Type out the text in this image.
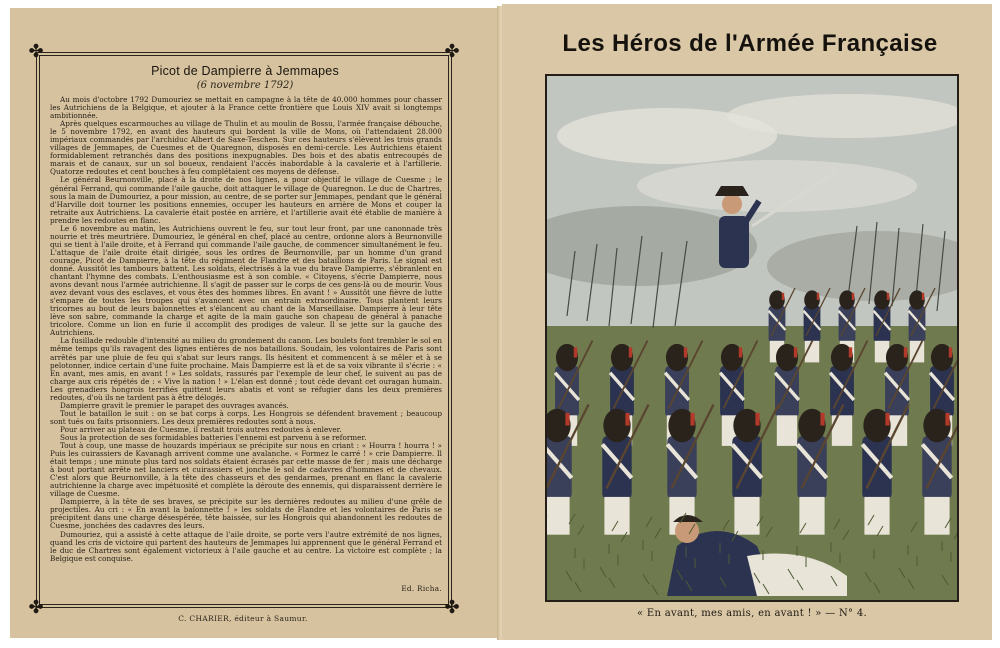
✤	✤
✤	✤
Picot de Dampierre à Jemmapes
(6 novembre 1792)

Au mois d'octobre 1792 Dumouriez se mettait en campagne à la tête de 40.000 hommes pour chasser les Autrichiens de la Belgique, et ajouter à la France cette frontière que Louis XIV avait si longtemps ambitionnée.

Après quelques escarmouches au village de Thulin et au moulin de Bossu, l'armée française débouche, le 5 novembre 1792, en avant des hauteurs qui bordent la ville de Mons, où l'attendaient 28.000 impériaux commandés par l'archiduc Albert de Saxe-Teschen. Sur ces hauteurs s'élèvent les trois grands villages de Jemmapes, de Cuesmes et de Quaregnon, disposés en demi-cercle. Les Autrichiens étaient formidablement retranchés dans des positions inexpugnables. Des bois et des abatis entrecoupés de marais et de canaux, sur un sol boueux, rendaient l'accès inabordable à la cavalerie et à l'artillerie. Quatorze redoutes et cent bouches à feu complétaient ces moyens de défense.

Le général Beurnonville, placé à la droite de nos lignes, a pour objectif le village de Cuesme ; le général Ferrand, qui commande l'aile gauche, doit attaquer le village de Quaregnon. Le duc de Chartres, sous la main de Dumouriez, a pour mission, au centre, de se porter sur Jemmapes, pendant que le général d'Harville doit tourner les positions ennemies, occuper les hauteurs en arrière de Mons et couper la retraite aux Autrichiens. La cavalerie était postée en arrière, et l'artillerie avait été établie de manière à prendre les redoutes en flanc.

Le 6 novembre au matin, les Autrichiens ouvrent le feu, sur tout leur front, par une canonnade très nourrie et très meurtrière. Dumouriez, le général en chef, placé au centre, ordonne alors à Beurnonville qui se tient à l'aile droite, et à Ferrand qui commande l'aile gauche, de commencer simultanément le feu. L'attaque de l'aile droite était dirigée, sous les ordres de Beurnonville, par un homme d'un grand courage, Picot de Dampierre, à la tête du régiment de Flandre et des bataillons de Paris. Le signal est donné. Aussitôt les tambours battent. Les soldats, électrisés à la vue du brave Dampierre, s'ébranlent en chantant l'hymne des combats. L'enthousiasme est à son comble. « Citoyens, s'écrie Dampierre, nous avons devant nous l'armée autrichienne. Il s'agit de passer sur le corps de ces gens-là ou de mourir. Vous avez devant vous des esclaves, et vous êtes des hommes libres. En avant ! » Aussitôt une fièvre de lutte s'empare de toutes les troupes qui s'avancent avec un entrain extraordinaire. Tous plantent leurs tricornes au bout de leurs baïonnettes et s'élancent au chant de la Marseillaise. Dampierre à leur tête lève son sabre, commande la charge et agite de la main gauche son chapeau de général à panache tricolore. Comme un lion en furie il accomplit des prodiges de valeur. Il se jette sur la gauche des Autrichiens.

La fusillade redouble d'intensité au milieu du grondement du canon. Les boulets font trembler le sol en même temps qu'ils ravagent des lignes entières de nos bataillons. Soudain, les volontaires de Paris sont arrêtés par une pluie de feu qui s'abat sur leurs rangs. Ils hésitent et commencent à se mêler et à se pelotonner, indice certain d'une fuite prochaine. Mais Dampierre est là et de sa voix vibrante il s'écrie : « En avant, mes amis, en avant ! » Les soldats, rassurés par l'exemple de leur chef, le suivent au pas de charge aux cris répétés de : « Vive la nation ! » L'élan est donné ; tout cède devant cet ouragan humain. Les grenadiers hongrois terrifiés quittent leurs abatis et vont se réfugier dans les deux premières redoutes, d'où ils ne tardent pas à être délogés.

Dampierre gravit le premier le parapet des ouvrages avancés.

Tout le bataillon le suit : on se bat corps à corps. Les Hongrois se défendent bravement ; beaucoup sont tués ou faits prisonniers. Les deux premières redoutes sont à nous.

Pour arriver au plateau de Cuesme, il restait trois autres redoutes à enlever.

Sous la protection de ses formidables batteries l'ennemi est parvenu à se reformer.

Tout à coup, une masse de houzards impériaux se précipite sur nous en criant : « Hourra ! hourra ! » Puis les cuirassiers de Kavanagh arrivent comme une avalanche. « Formez le carré ! » crie Dampierre. Il était temps ; une minute plus tard nos soldats étaient écrasés par cette masse de fer ; mais une décharge à bout portant arrête net lanciers et cuirassiers et jonche le sol de cadavres d'hommes et de chevaux. C'est alors que Beurnonville, à la tête des chasseurs et des gendarmes, prenant en flanc la cavalerie autrichienne la charge avec impétuosité et complète la déroute des ennemis, qui disparaissent derrière le village de Cuesme.

Dampierre, à la tête de ses braves, se précipite sur les dernières redoutes au milieu d'une grêle de projectiles. Au cri : « En avant la baïonnette ! » les soldats de Flandre et les volontaires de Paris se précipitent dans une charge désespérée, tête baissée, sur les Hongrois qui abandonnent les redoutes de Cuesme, jonchées des cadavres des leurs.

Dumouriez, qui a assisté à cette attaque de l'aile droite, se porte vers l'autre extrémité de nos lignes, quand les cris de victoire qui partent des hauteurs de Jemmapes lui apprennent que le général Ferrand et le duc de Chartres sont également victorieux à l'aile gauche et au centre. La victoire est complète ; la Belgique est conquise.

Ed. Richa.
C. CHARIER, éditeur à Saumur.
Les Héros de l'Armée Française
« En avant, mes amis, en avant ! » — N° 4.
